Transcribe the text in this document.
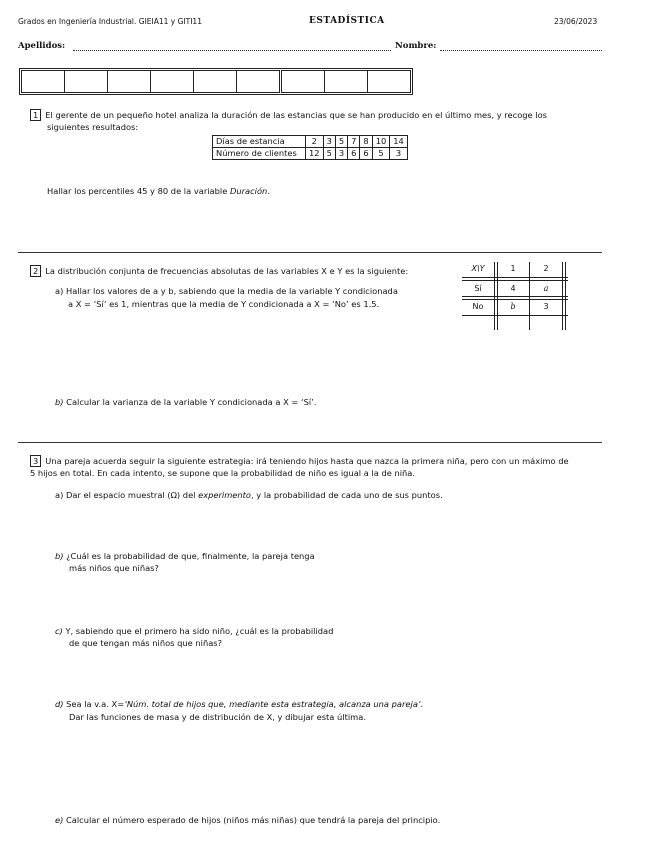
Grados en Ingeniería Industrial. GIEIA11 y GITI11	ESTADÍSTICA	23/06/2023
Apellidos:	Nombre:

1 El gerente de un pequeño hotel analiza la duración de las estancias que se han producido en el último mes, y recoge los

siguientes resultados:

Días de estancia	2	3	5	7	8	10	14
Número de clientes	12	5	3	6	6	5	3
Hallar los percentiles 45 y 80 de la variable Duración.

2 La distribución conjunta de frecuencias absolutas de las variables X e Y es la siguiente:

a) Hallar los valores de a y b, sabiendo que la media de la variable Y condicionada

a X = ‘Sí’ es 1, mientras que la media de Y condicionada a X = ‘No’ es 1.5.

X\Y	1	2
Sí	4	a
No	b	3
b) Calcular la varianza de la variable Y condicionada a X = ‘Sí’.

3 Una pareja acuerda seguir la siguiente estrategia: irá teniendo hijos hasta que nazca la primera niña, pero con un máximo de

5 hijos en total. En cada intento, se supone que la probabilidad de niño es igual a la de niña.

a) Dar el espacio muestral (Ω) del experimento, y la probabilidad de cada uno de sus puntos.

b) ¿Cuál es la probabilidad de que, finalmente, la pareja tenga

más niños que niñas?

c) Y, sabiendo que el primero ha sido niño, ¿cuál es la probabilidad

de que tengan más niños que niñas?

d) Sea la v.a. X=‘Núm. total de hijos que, mediante esta estrategia, alcanza una pareja’.

Dar las funciones de masa y de distribución de X, y dibujar esta última.

e) Calcular el número esperado de hijos (niños más niñas) que tendrá la pareja del principio.
